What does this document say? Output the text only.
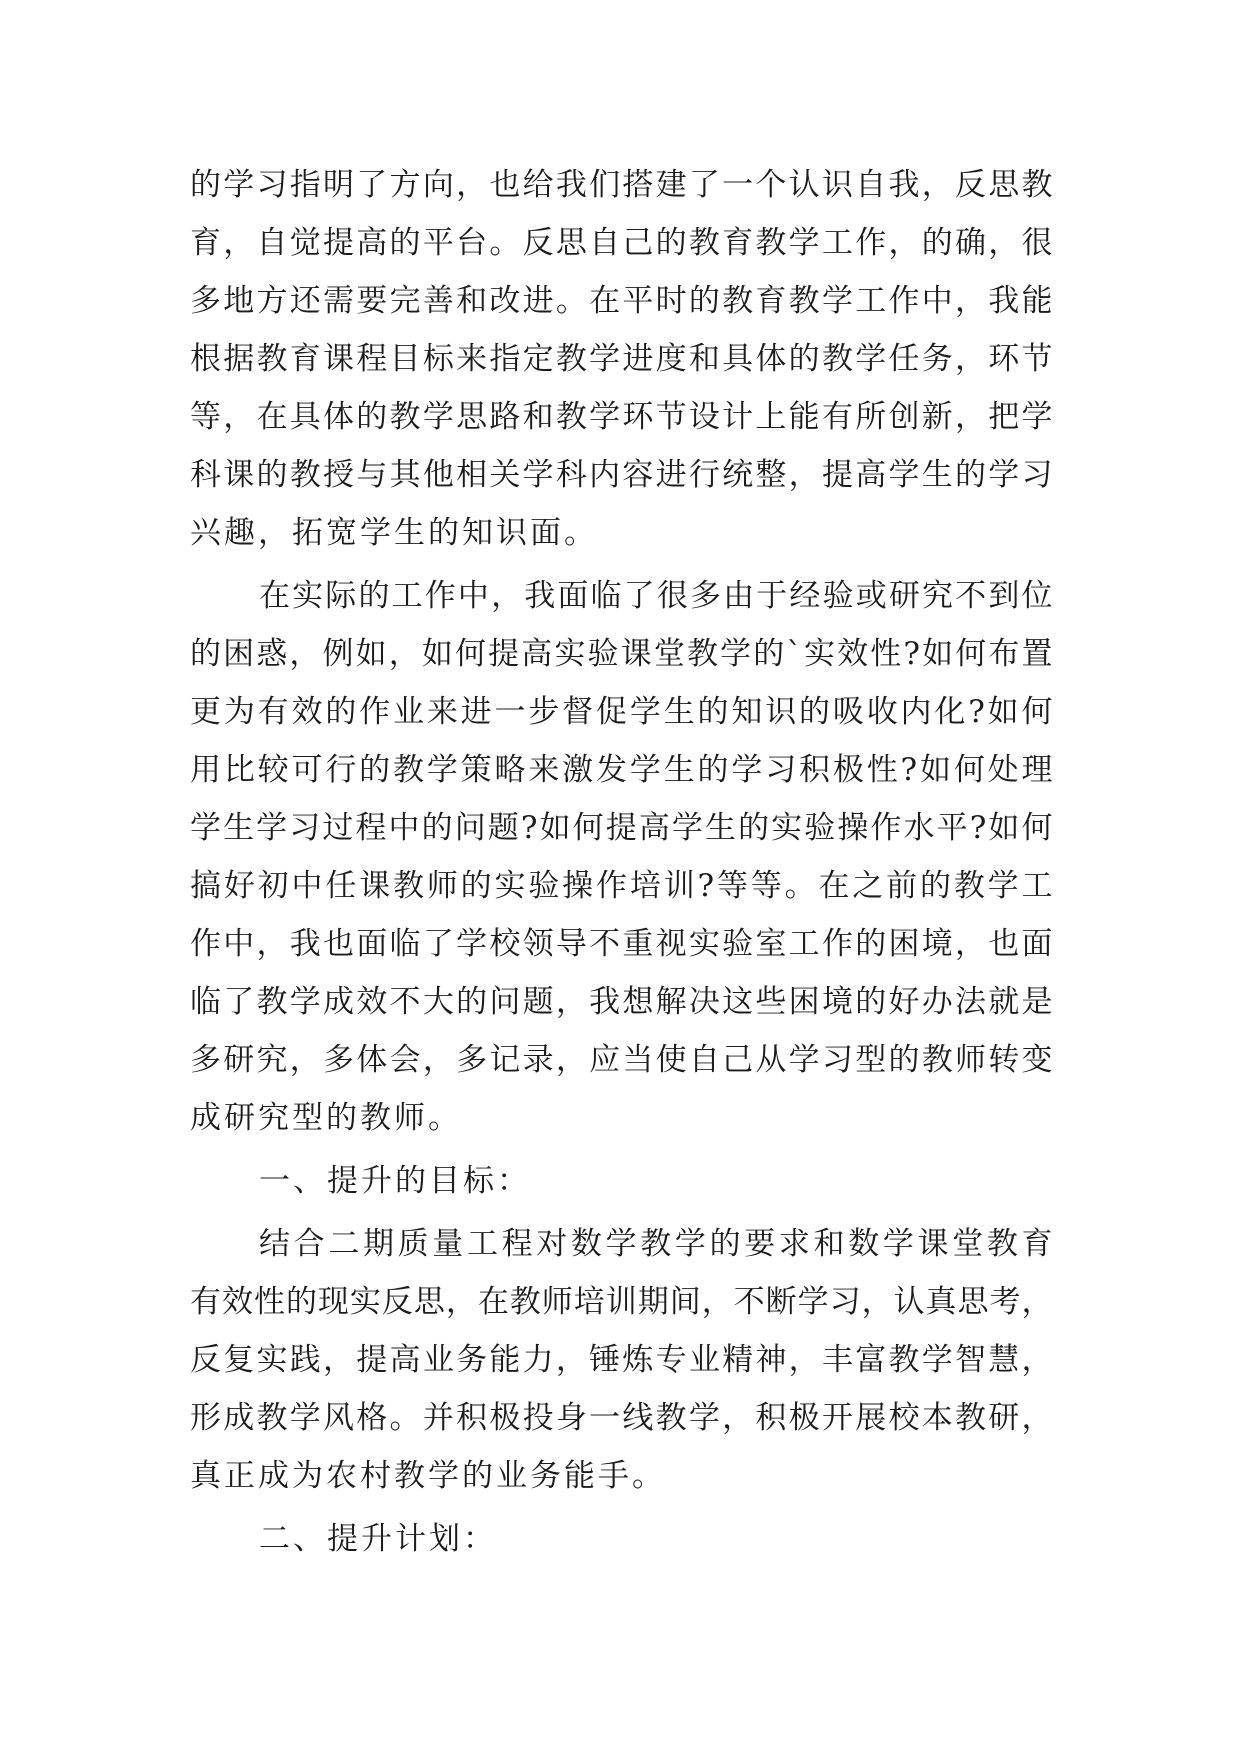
的学习指明了方向，也给我们搭建了一个认识自我，反思教
育，自觉提高的平台。反思自己的教育教学工作，的确，很
多地方还需要完善和改进。在平时的教育教学工作中，我能
根据教育课程目标来指定教学进度和具体的教学任务，环节
等，在具体的教学思路和教学环节设计上能有所创新，把学
科课的教授与其他相关学科内容进行统整，提高学生的学习
兴趣，拓宽学生的知识面。
在实际的工作中，我面临了很多由于经验或研究不到位
的困惑，例如，如何提高实验课堂教学的`实效性?如何布置
更为有效的作业来进一步督促学生的知识的吸收内化?如何
用比较可行的教学策略来激发学生的学习积极性?如何处理
学生学习过程中的问题?如何提高学生的实验操作水平?如何
搞好初中任课教师的实验操作培训?等等。在之前的教学工
作中，我也面临了学校领导不重视实验室工作的困境，也面
临了教学成效不大的问题，我想解决这些困境的好办法就是
多研究，多体会，多记录，应当使自己从学习型的教师转变
成研究型的教师。
一、提升的目标：
结合二期质量工程对数学教学的要求和数学课堂教育
有效性的现实反思，在教师培训期间，不断学习，认真思考，
反复实践，提高业务能力，锤炼专业精神，丰富教学智慧，
形成教学风格。并积极投身一线教学，积极开展校本教研，
真正成为农村教学的业务能手。
二、提升计划：
